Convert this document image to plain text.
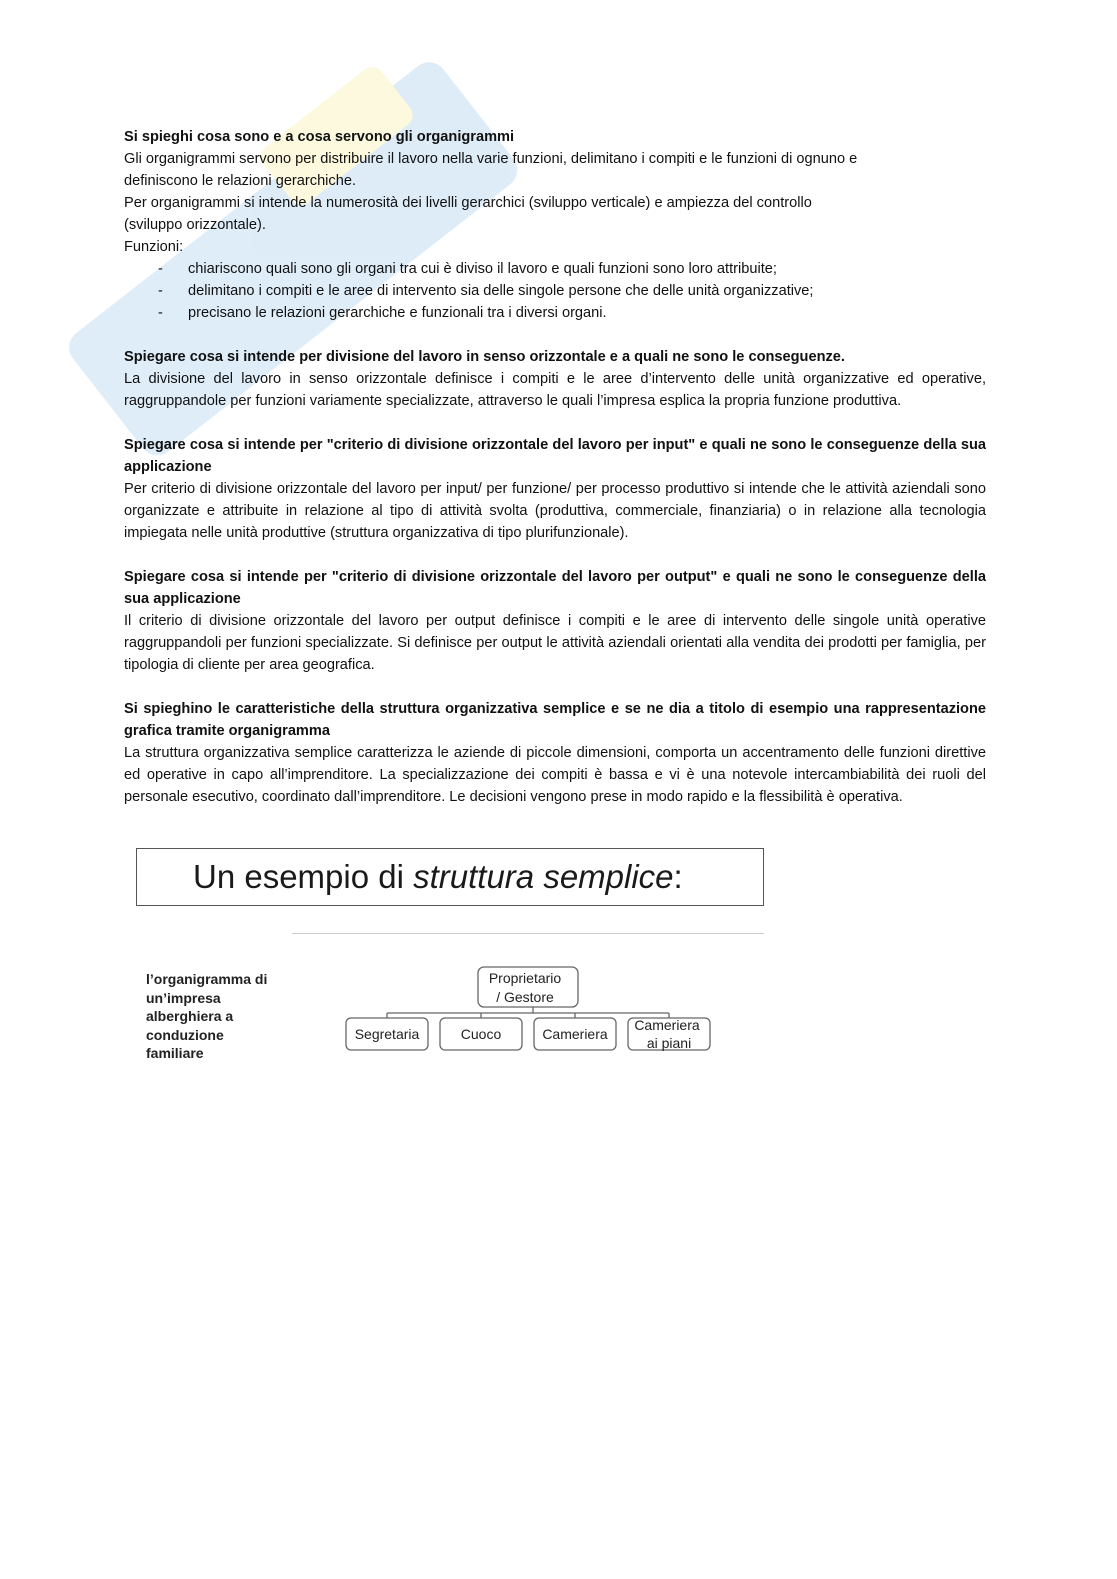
Si spieghi cosa sono e a cosa servono gli organigrammi

Gli organigrammi servono per distribuire il lavoro nella varie funzioni, delimitano i compiti e le funzioni di ognuno e

definiscono le relazioni gerarchiche.

Per organigrammi si intende la numerosità dei livelli gerarchici (sviluppo verticale) e ampiezza del controllo

(sviluppo orizzontale).

Funzioni:

- chiariscono quali sono gli organi tra cui è diviso il lavoro e quali funzioni sono loro attribuite;
- delimitano i compiti e le aree di intervento sia delle singole persone che delle unità organizzative;
- precisano le relazioni gerarchiche e funzionali tra i diversi organi.

Spiegare cosa si intende per divisione del lavoro in senso orizzontale e a quali ne sono le conseguenze.

La divisione del lavoro in senso orizzontale definisce i compiti e le aree d’intervento delle unità organizzative ed operative, raggruppandole per funzioni variamente specializzate, attraverso le quali l’impresa esplica la propria funzione produttiva.

Spiegare cosa si intende per "criterio di divisione orizzontale del lavoro per input" e quali ne sono le conseguenze della sua applicazione

Per criterio di divisione orizzontale del lavoro per input/ per funzione/ per processo produttivo si intende che le attività aziendali sono organizzate e attribuite in relazione al tipo di attività svolta (produttiva, commerciale, finanziaria) o in relazione alla tecnologia impiegata nelle unità produttive (struttura organizzativa di tipo plurifunzionale).

Spiegare cosa si intende per "criterio di divisione orizzontale del lavoro per output" e quali ne sono le conseguenze della sua applicazione

Il criterio di divisione orizzontale del lavoro per output definisce i compiti e le aree di intervento delle singole unità operative raggruppandoli per funzioni specializzate. Si definisce per output le attività aziendali orientati alla vendita dei prodotti per famiglia, per tipologia di cliente per area geografica.

Si spieghino le caratteristiche della struttura organizzativa semplice e se ne dia a titolo di esempio una rappresentazione grafica tramite organigramma

La struttura organizzativa semplice caratterizza le aziende di piccole dimensioni, comporta un accentramento delle funzioni direttive ed operative in capo all’imprenditore. La specializzazione dei compiti è bassa e vi è una notevole intercambiabilità dei ruoli del personale esecutivo, coordinato dall’imprenditore. Le decisioni vengono prese in modo rapido e la flessibilità è operativa.

Un esempio di struttura semplice:
l’organigramma di un’impresa alberghiera a conduzione familiare
Proprietario
/ Gestore
Segretaria	Cuoco	Cameriera
Cameriera
ai piani
